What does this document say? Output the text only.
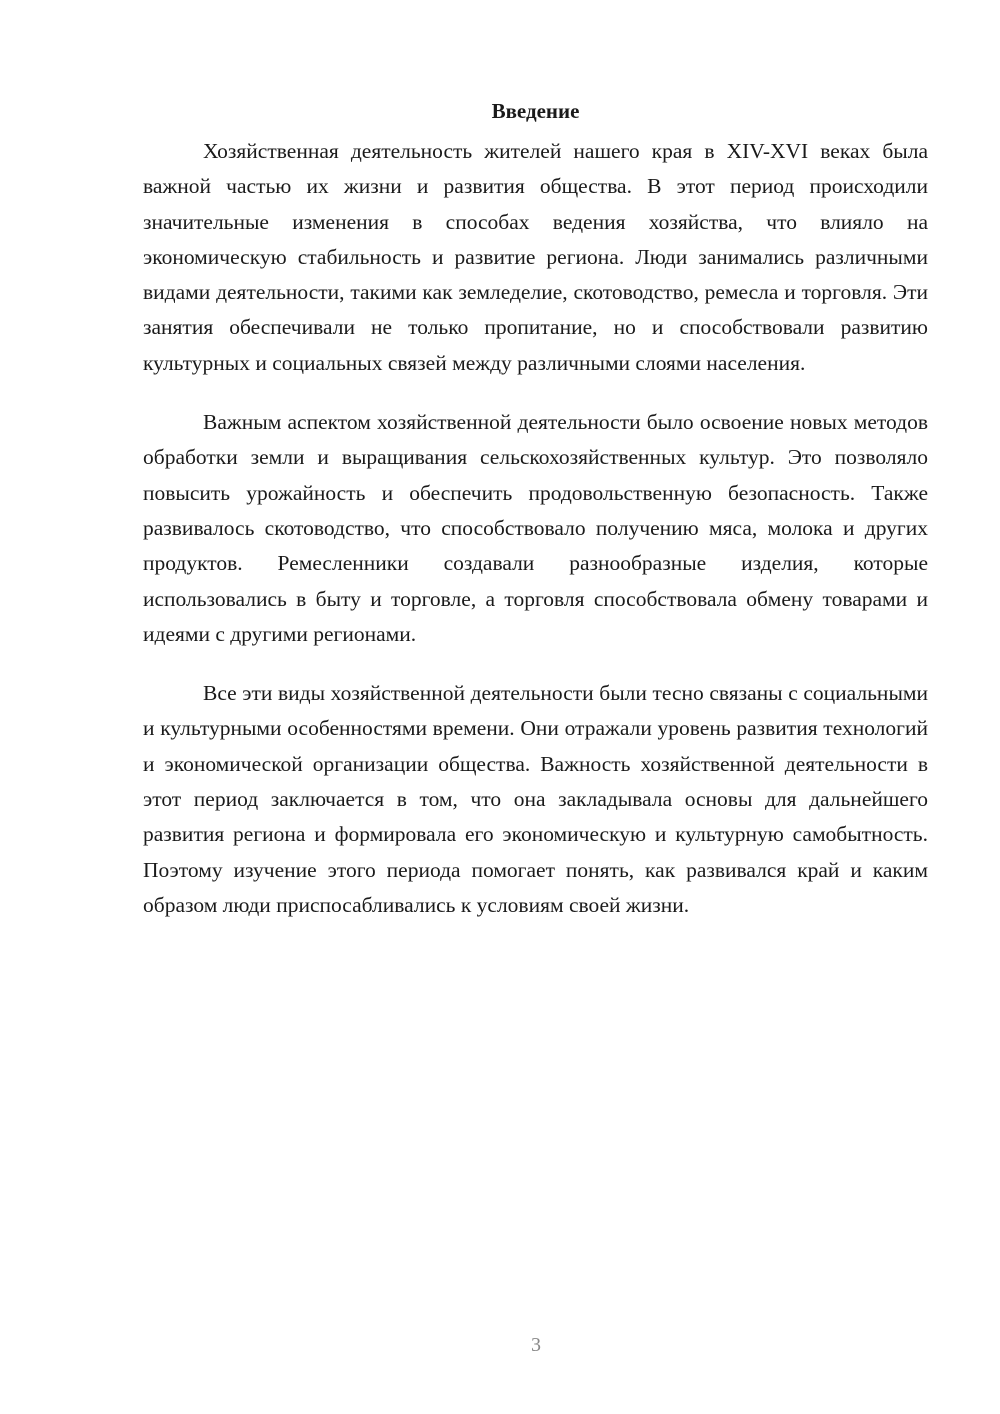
Введение

Хозяйственная деятельность жителей нашего края в XIV-XVI веках была важной частью их жизни и развития общества. В этот период происходили значительные изменения в способах ведения хозяйства, что влияло на экономическую стабильность и развитие региона. Люди занимались различными видами деятельности, такими как земледелие, скотоводство, ремесла и торговля. Эти занятия обеспечивали не только пропитание, но и способствовали развитию культурных и социальных связей между различными слоями населения.

Важным аспектом хозяйственной деятельности было освоение новых методов обработки земли и выращивания сельскохозяйственных культур. Это позволяло повысить урожайность и обеспечить продовольственную безопасность. Также развивалось скотоводство, что способствовало получению мяса, молока и других продуктов. Ремесленники создавали разнообразные изделия, которые использовались в быту и торговле, а торговля способствовала обмену товарами и идеями с другими регионами.

Все эти виды хозяйственной деятельности были тесно связаны с социальными и культурными особенностями времени. Они отражали уровень развития технологий и экономической организации общества. Важность хозяйственной деятельности в этот период заключается в том, что она закладывала основы для дальнейшего развития региона и формировала его экономическую и культурную самобытность. Поэтому изучение этого периода помогает понять, как развивался край и каким образом люди приспосабливались к условиям своей жизни.

3
